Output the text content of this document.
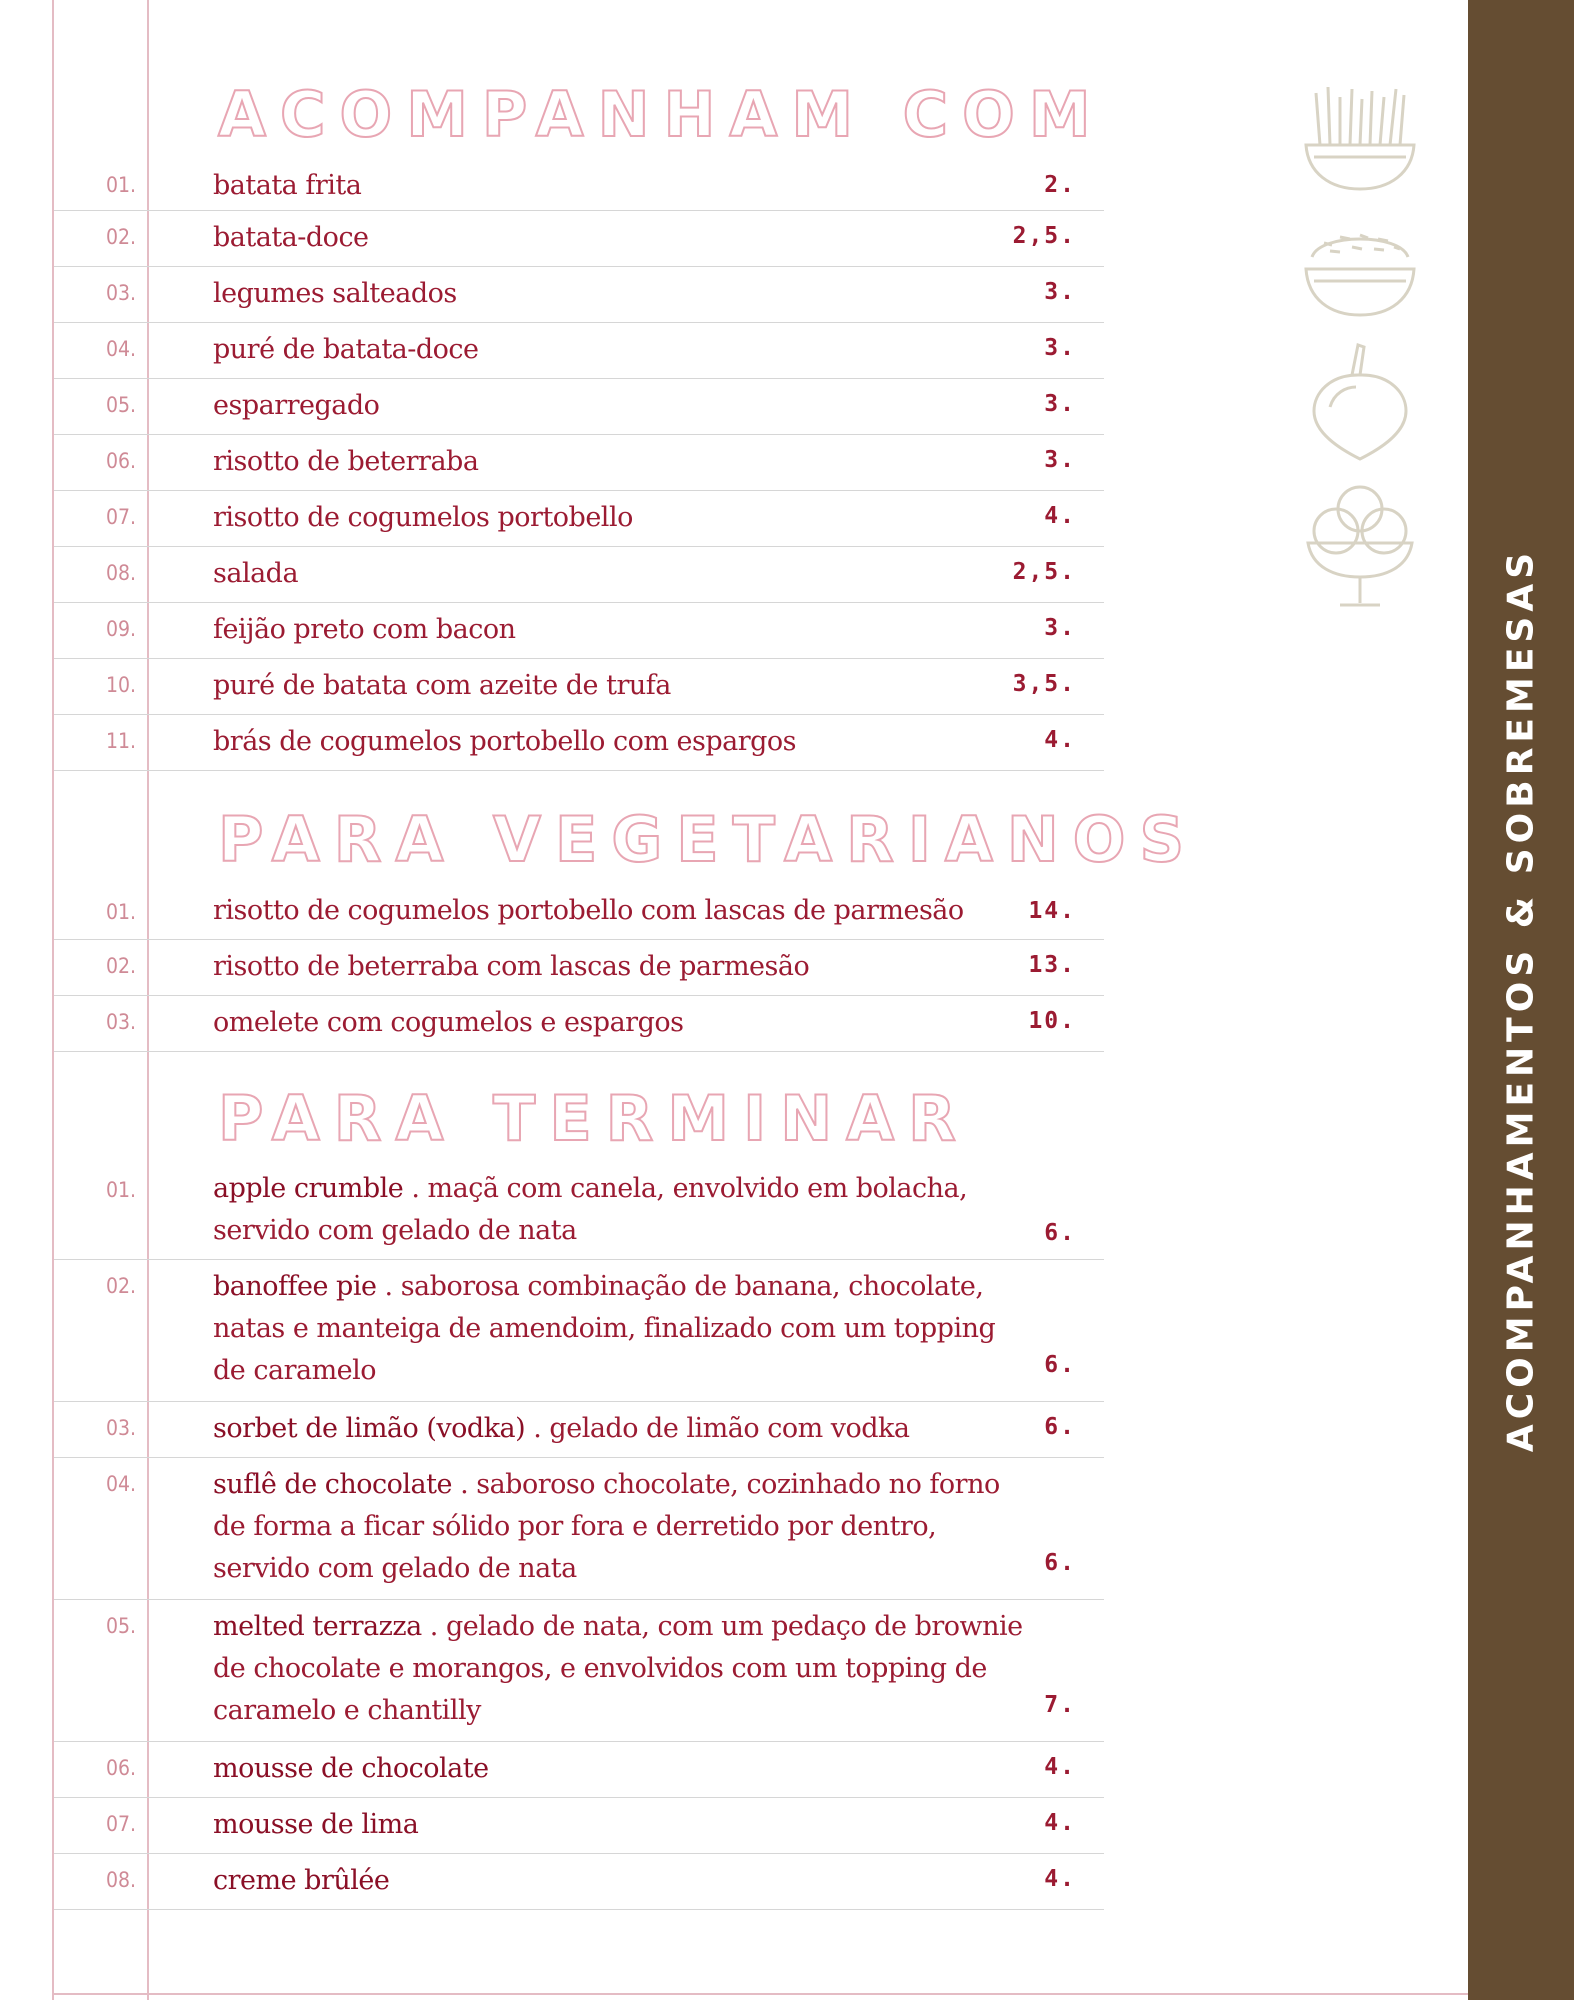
ACOMPANHAMENTOS & SOBREMESAS
ACOMPANHAM COM
01.	batata frita	2.
02.	batata-doce	2,5.
03.	legumes salteados	3.
04.	puré de batata-doce	3.
05.	esparregado	3.
06.	risotto de beterraba	3.
07.	risotto de cogumelos portobello	4.
08.	salada	2,5.
09.	feijão preto com bacon	3.
10.	puré de batata com azeite de trufa	3,5.
11.	brás de cogumelos portobello com espargos	4.
PARA VEGETARIANOS
01.	risotto de cogumelos portobello com lascas de parmesão	14.
02.	risotto de beterraba com lascas de parmesão	13.
03.	omelete com cogumelos e espargos	10.
PARA TERMINAR
01.	apple crumble . maçã com canela, envolvido em bolacha, servido com gelado de nata	6.
02.	banoffee pie . saborosa combinação de banana, chocolate, natas e manteiga de amendoim, finalizado com um topping de caramelo	6.
03.	sorbet de limão (vodka) . gelado de limão com vodka	6.
04.	suflê de chocolate . saboroso chocolate, cozinhado no forno de forma a ficar sólido por fora e derretido por dentro, servido com gelado de nata	6.
05.	melted terrazza . gelado de nata, com um pedaço de brownie de chocolate e morangos, e envolvidos com um topping de caramelo e chantilly	7.
06.	mousse de chocolate	4.
07.	mousse de lima	4.
08.	creme brûlée	4.
